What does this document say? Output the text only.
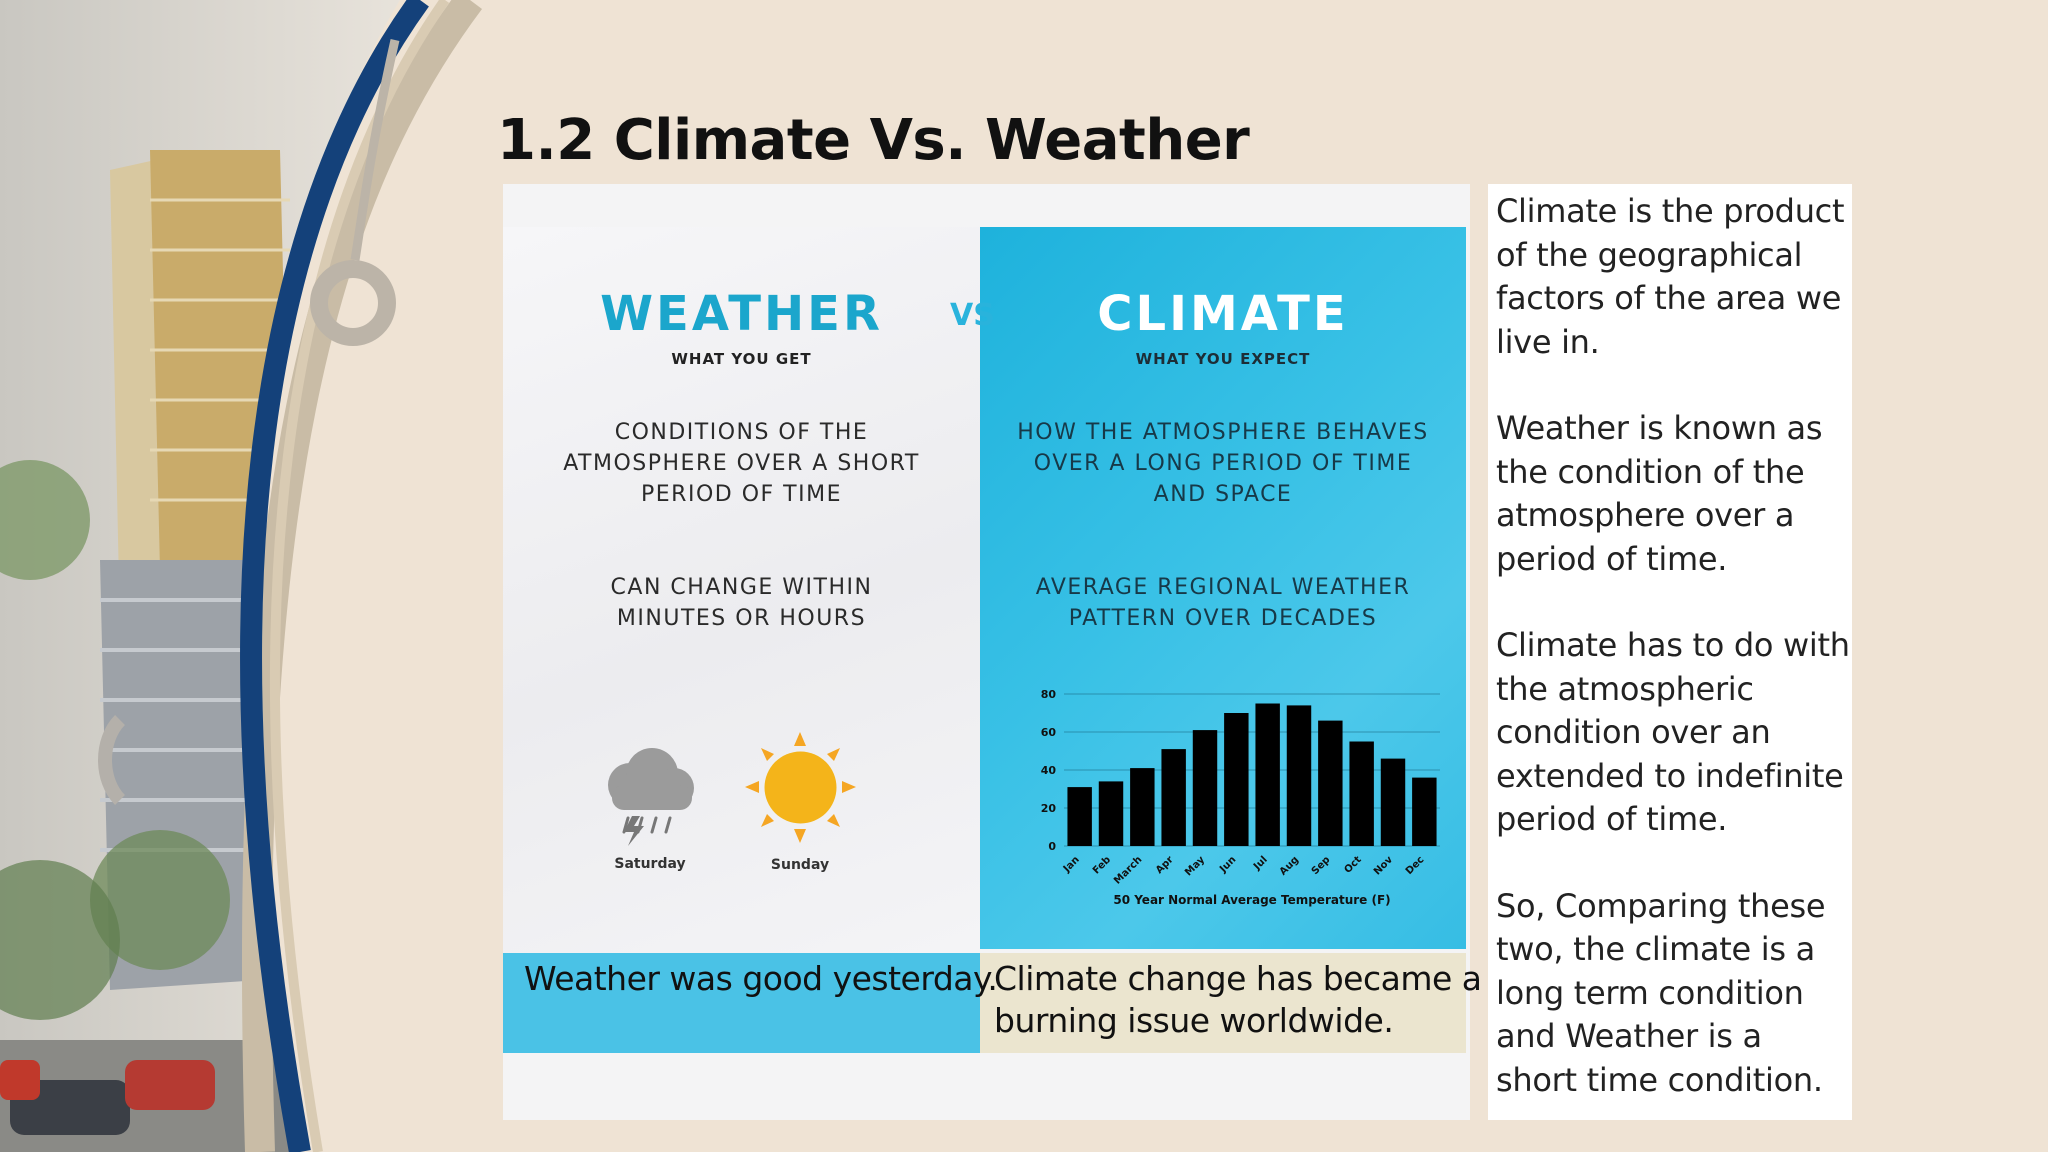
1.2 Climate Vs. Weather
WEATHER	VS	CLIMATE
WHAT YOU GET	WHAT YOU EXPECT
CONDITIONS OF THE
ATMOSPHERE OVER A SHORT
PERIOD OF TIME
HOW THE ATMOSPHERE BEHAVES
OVER A LONG PERIOD OF TIME
AND SPACE
CAN CHANGE WITHIN
MINUTES OR HOURS
AVERAGE REGIONAL WEATHER
PATTERN OVER DECADES
Saturday	Sunday
0
20
40
60
80
Jan Feb March Apr May Jun Jul Aug Sep Oct Nov Dec
50 Year Normal Average Temperature (F)
Weather was good yesterday.
Climate change has became a
burning issue worldwide.

Climate is the product of the geographical factors of the area we live in.

Weather is known as the condition of the atmosphere over a period of time.

Climate has to do with the atmospheric condition over an extended to indefinite period of time.

So, Comparing these two, the climate is a long term condition and Weather is a short time condition.
